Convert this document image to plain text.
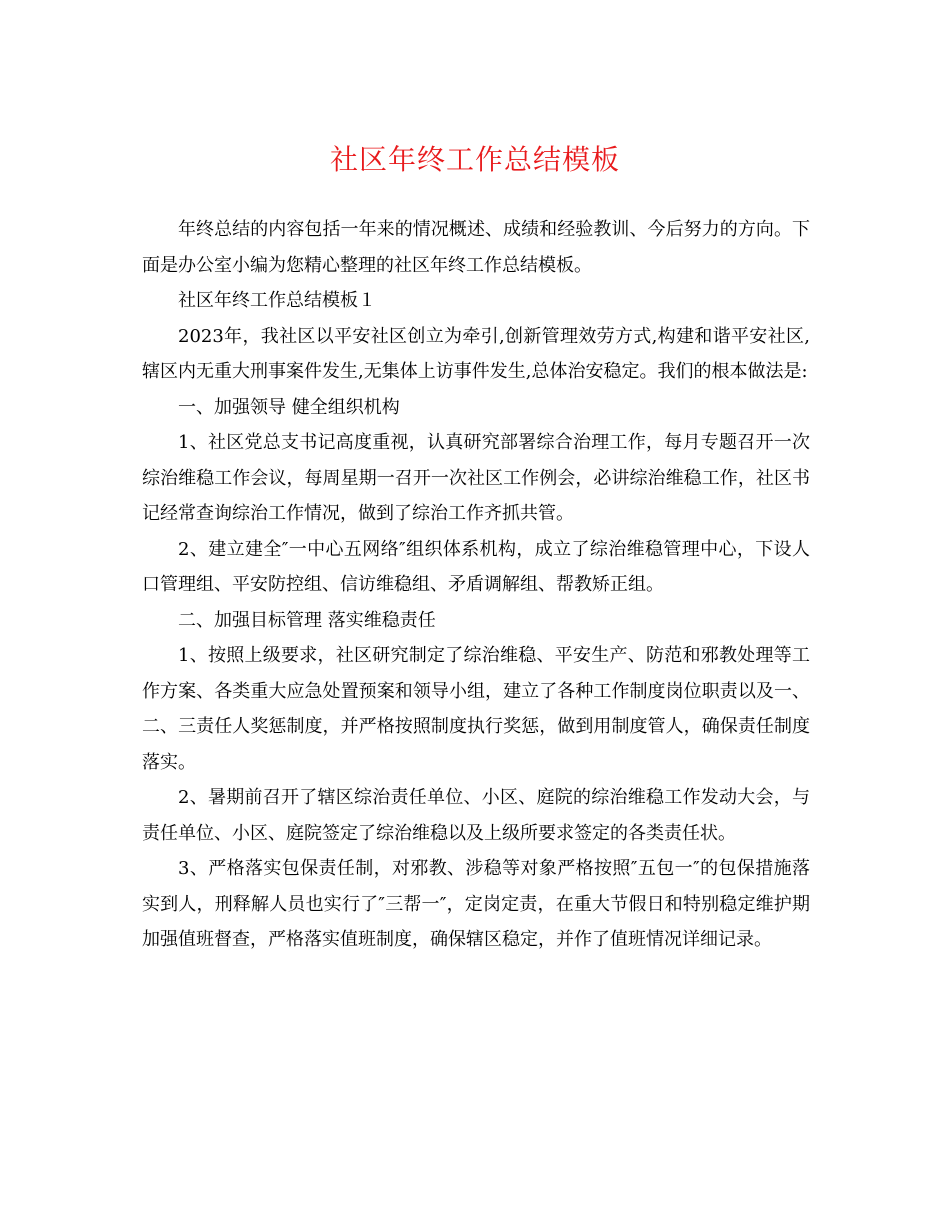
社区年终工作总结模板

年终总结的内容包括一年来的情况概述、成绩和经验教训、今后努力的方向。下面是办公室小编为您精心整理的社区年终工作总结模板。

社区年终工作总结模板１

2023年，我社区以平安社区创立为牵引,创新管理效劳方式,构建和谐平安社区,辖区内无重大刑事案件发生,无集体上访事件发生,总体治安稳定。我们的根本做法是:

一、加强领导 健全组织机构

1、社区党总支书记高度重视，认真研究部署综合治理工作，每月专题召开一次综治维稳工作会议，每周星期一召开一次社区工作例会，必讲综治维稳工作，社区书记经常查询综治工作情况，做到了综治工作齐抓共管。

2、建立建全″一中心五网络″组织体系机构，成立了综治维稳管理中心，下设人口管理组、平安防控组、信访维稳组、矛盾调解组、帮教矫正组。

二、加强目标管理 落实维稳责任

1、按照上级要求，社区研究制定了综治维稳、平安生产、防范和邪教处理等工作方案、各类重大应急处置预案和领导小组，建立了各种工作制度岗位职责以及一、二、三责任人奖惩制度，并严格按照制度执行奖惩，做到用制度管人，确保责任制度落实。

2、暑期前召开了辖区综治责任单位、小区、庭院的综治维稳工作发动大会，与责任单位、小区、庭院签定了综治维稳以及上级所要求签定的各类责任状。

3、严格落实包保责任制，对邪教、涉稳等对象严格按照″五包一″的包保措施落实到人，刑释解人员也实行了″三帮一″，定岗定责，在重大节假日和特别稳定维护期加强值班督查，严格落实值班制度，确保辖区稳定，并作了值班情况详细记录。
